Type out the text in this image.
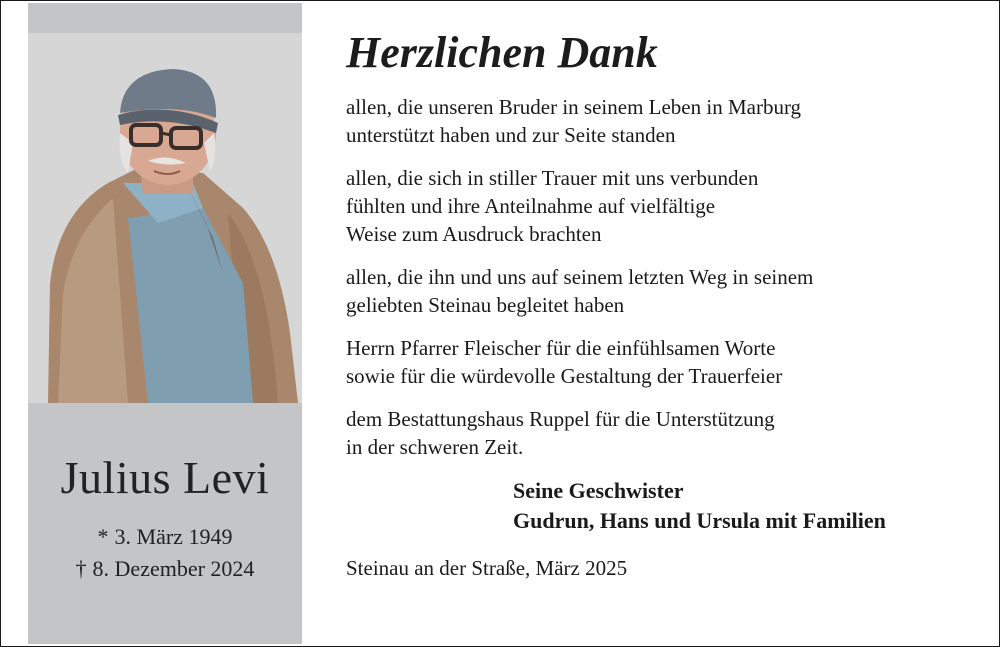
Julius Levi
* 3. März 1949
† 8. Dezember 2024
Herzlichen Dank
allen, die unseren Bruder in seinem Leben in Marburg
unterstützt haben und zur Seite standen
allen, die sich in stiller Trauer mit uns verbunden
fühlten und ihre Anteilnahme auf vielfältige
Weise zum Ausdruck brachten
allen, die ihn und uns auf seinem letzten Weg in seinem
geliebten Steinau begleitet haben
Herrn Pfarrer Fleischer für die einfühlsamen Worte
sowie für die würdevolle Gestaltung der Trauerfeier
dem Bestattungshaus Ruppel für die Unterstützung
in der schweren Zeit.
Seine Geschwister
Gudrun, Hans und Ursula mit Familien
Steinau an der Straße, März 2025
